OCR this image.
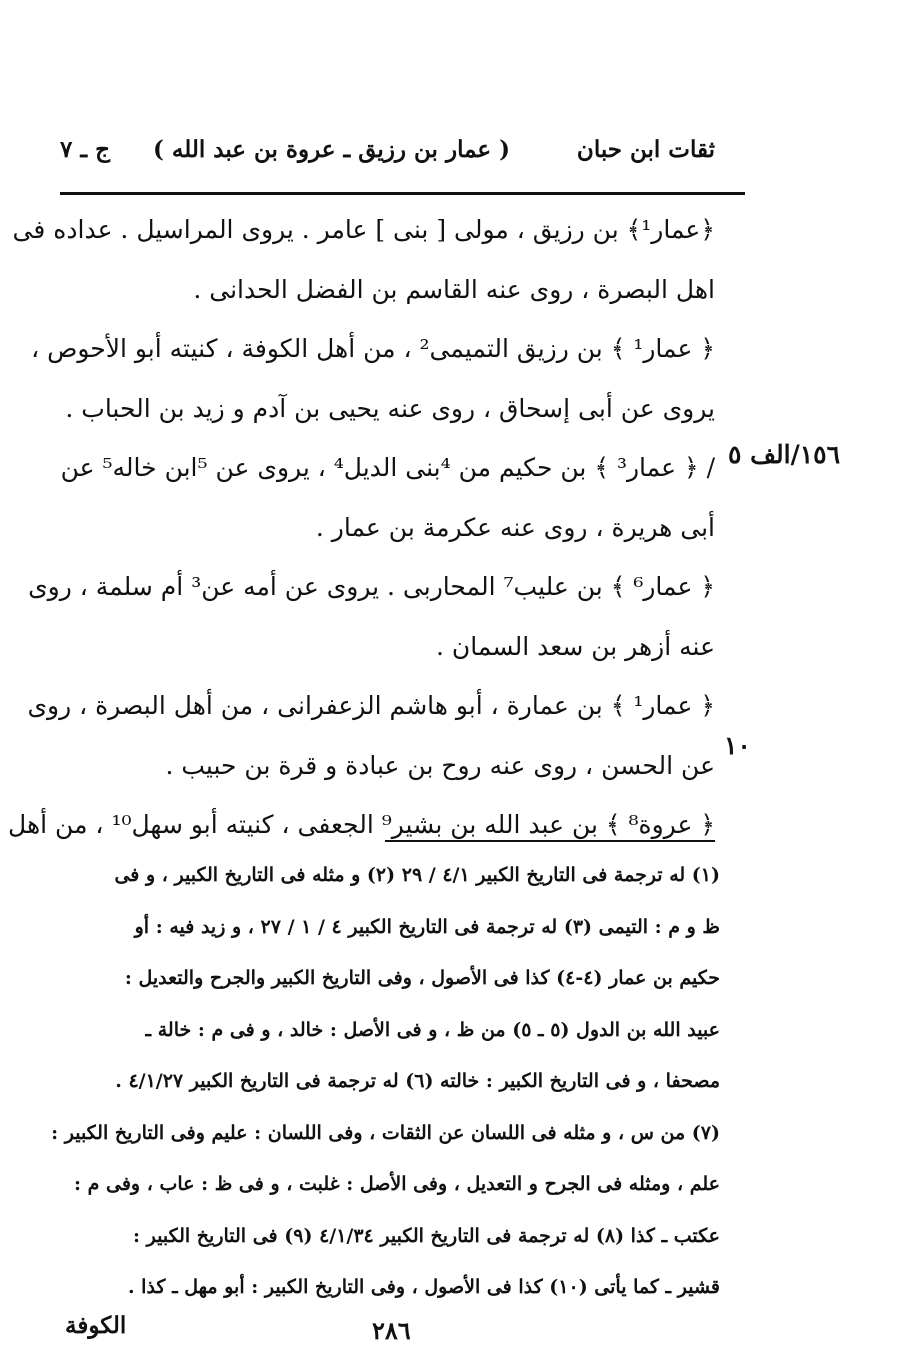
ثقات ابن حبان
( عمار بن رزيق ـ عروة بن عبد الله )
ج ـ ٧
١٥٦/الف ٥
١٠

﴿عمار¹﴾ بن رزيق ، مولى [ بنى ] عامر . يروى المراسيل . عداده فى

اهل البصرة ، روى عنه القاسم بن الفضل الحدانى .

﴿ عمار¹ ﴾ بن رزيق التميمى² ، من أهل الكوفة ، كنيته أبو الأحوص ،

يروى عن أبى إسحاق ، روى عنه يحيى بن آدم و زيد بن الحباب .

/ ﴿ عمار³ ﴾ بن حكيم من ⁴بنى الديل⁴ ، يروى عن ⁵ابن خاله⁵ عن

أبى هريرة ، روى عنه عكرمة بن عمار .

﴿ عمار⁶ ﴾ بن عليب⁷ المحاربى . يروى عن أمه عن³ أم سلمة ، روى

عنه أزهر بن سعد السمان .

﴿ عمار¹ ﴾ بن عمارة ، أبو هاشم الزعفرانى ، من أهل البصرة ، روى

عن الحسن ، روى عنه روح بن عبادة و قرة بن حبيب .

﴿ عروة⁸ ﴾ بن عبد الله بن بشير⁹ الجعفى ، كنيته أبو سهل¹⁰ ، من أهل

(١) له ترجمة فى التاريخ الكبير ٤/١ / ٢٩ (٢) و مثله فى التاريخ الكبير ، و فى

ظ و م : التيمى (٣) له ترجمة فى التاريخ الكبير ٤ / ١ / ٢٧ ، و زيد فيه : أو

حكيم بن عمار (٤-٤) كذا فى الأصول ، وفى التاريخ الكبير والجرح والتعديل :

عبيد الله بن الدول (٥ ـ ٥) من ظ ، و فى الأصل : خالد ، و فى م : خالة ـ

مصحفا ، و فى التاريخ الكبير : خالته (٦) له ترجمة فى التاريخ الكبير ٤/١/٢٧ .

(٧) من س ، و مثله فى اللسان عن الثقات ، وفى اللسان : عليم وفى التاريخ الكبير :

علم ، ومثله فى الجرح و التعديل ، وفى الأصل : غلبت ، و فى ظ : عاب ، وفى م :

عكتب ـ كذا (٨) له ترجمة فى التاريخ الكبير ٤/١/٣٤ (٩) فى التاريخ الكبير :

قشير ـ كما يأتى (١٠) كذا فى الأصول ، وفى التاريخ الكبير : أبو مهل ـ كذا .

٢٨٦
الكوفة
